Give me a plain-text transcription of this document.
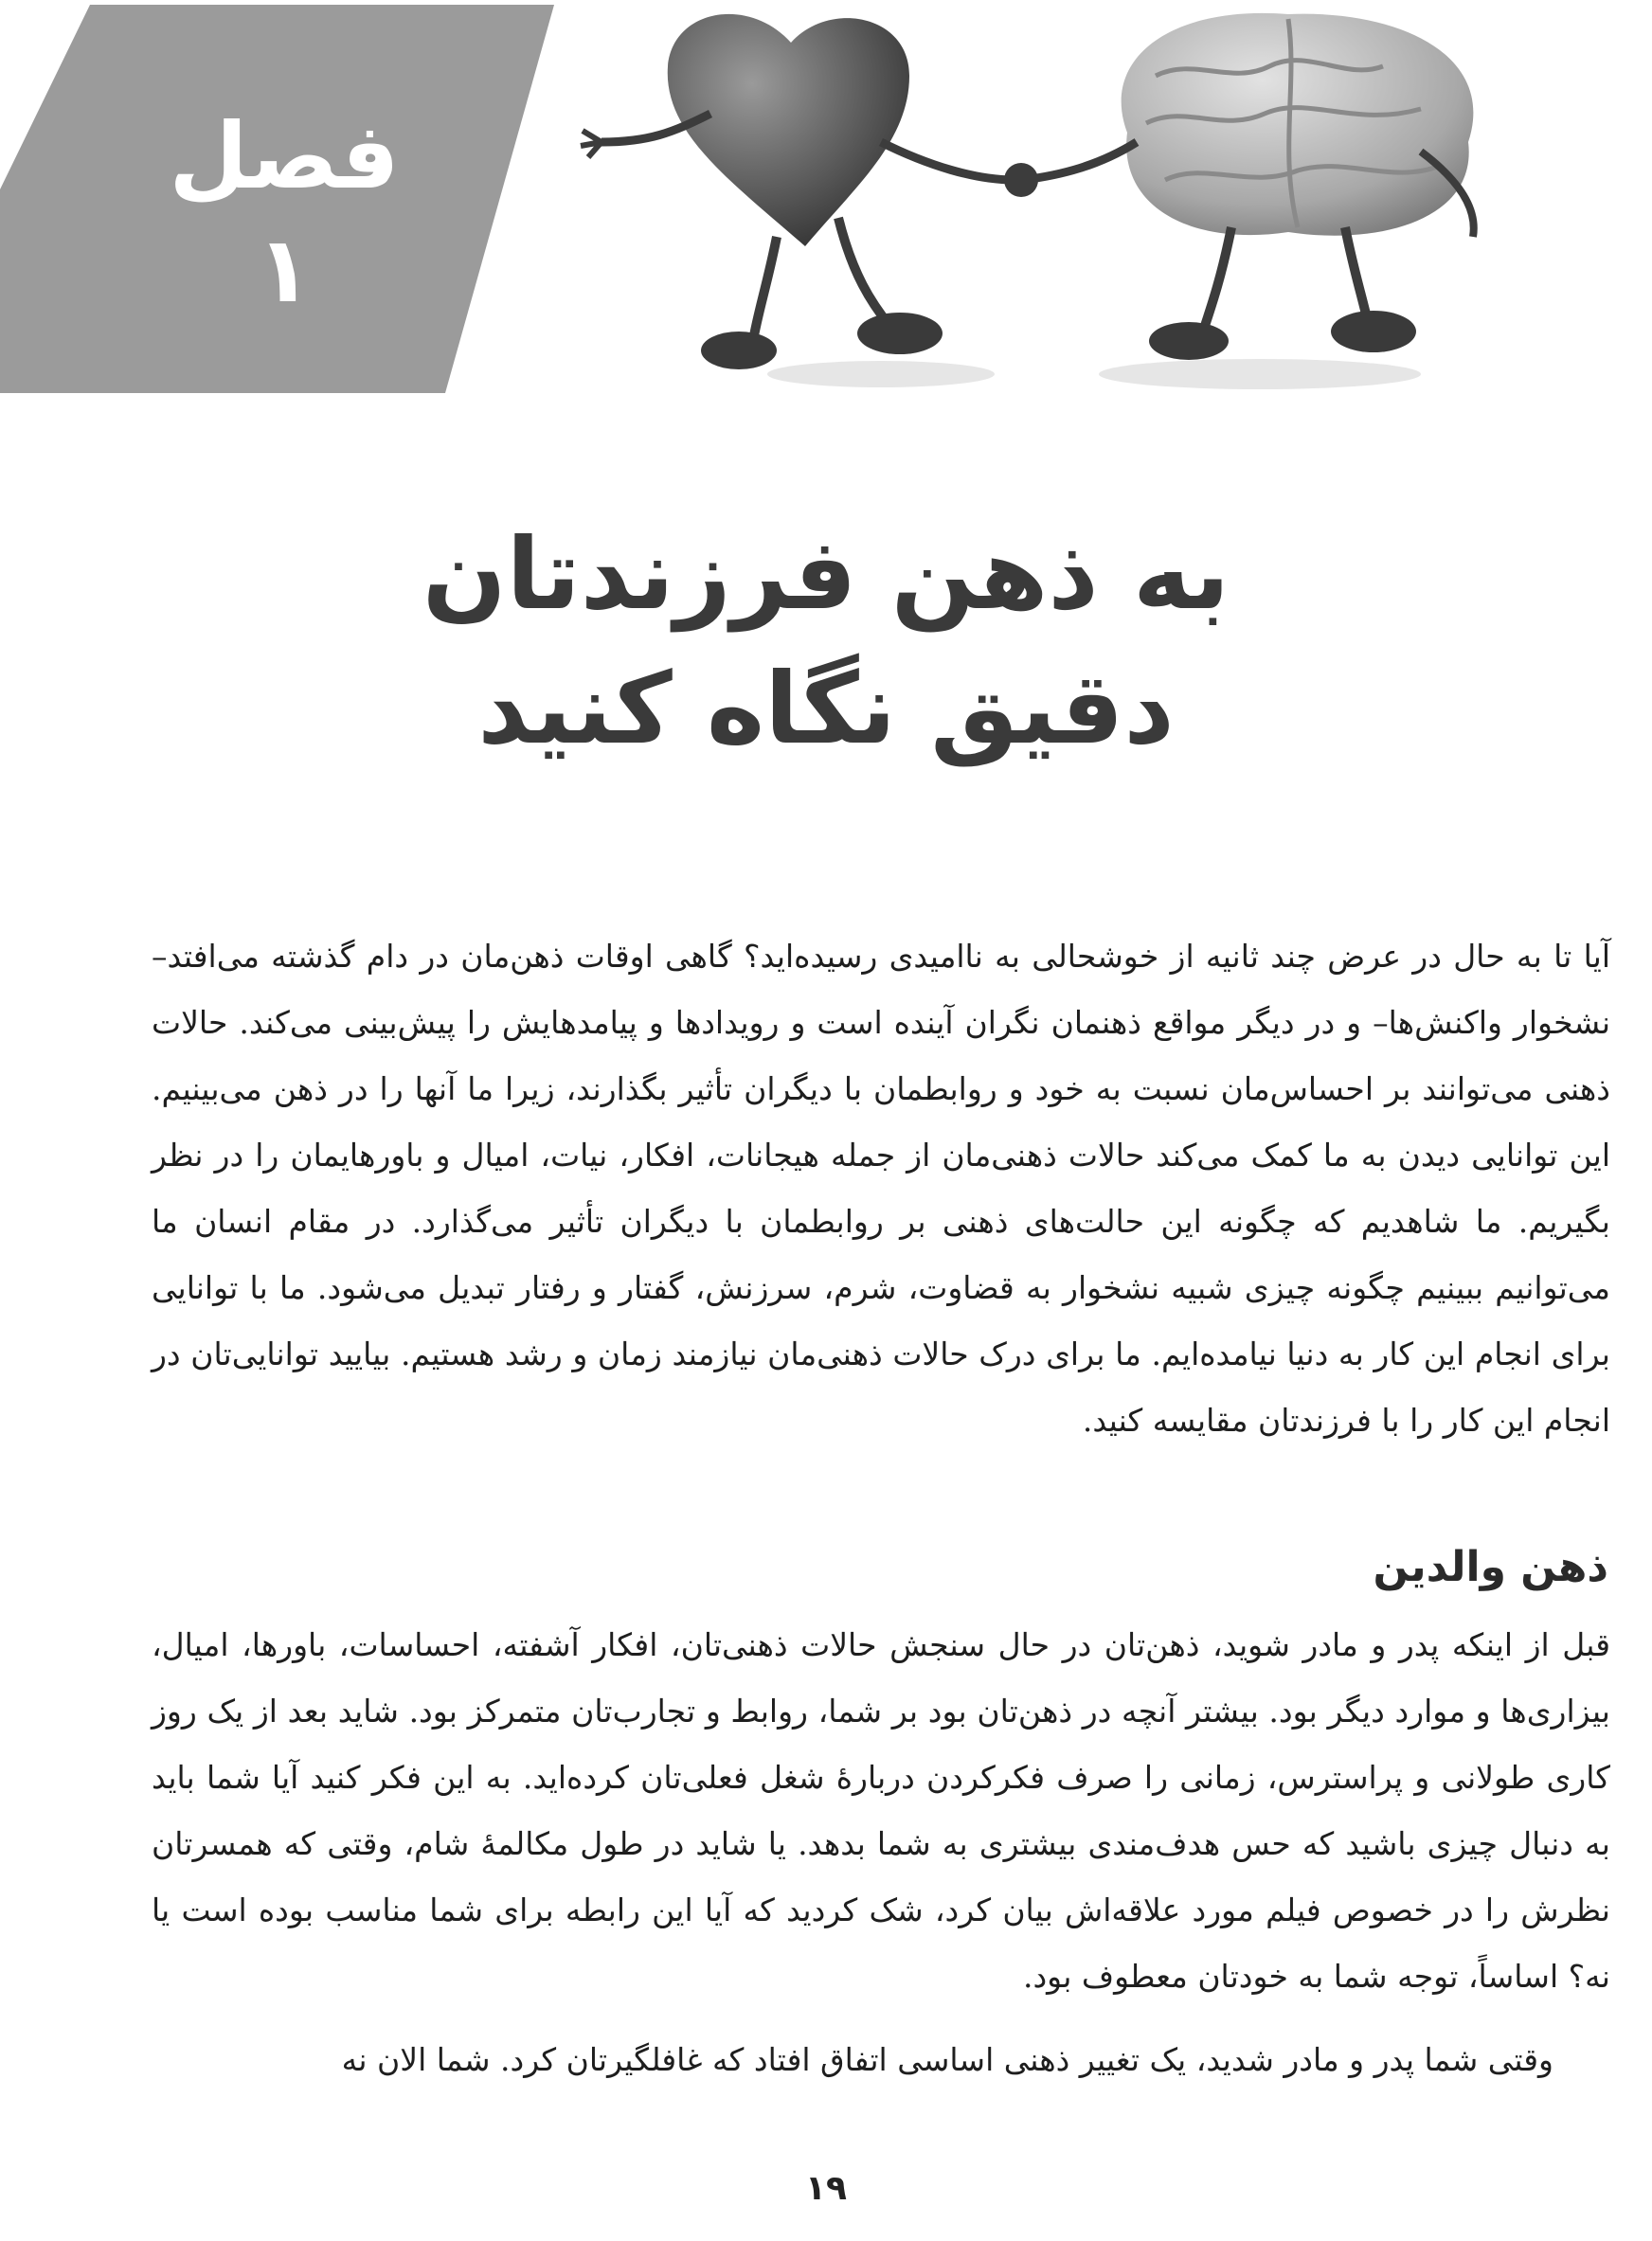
فصل
۱
به ذهن فرزندتان
دقیق نگاه کنید

آیا تا به حال در عرض چند ثانیه از خوشحالی به ناامیدی رسیده‌اید؟ گاهی اوقات ذهن‌مان در دام گذشته می‌افتد– نشخوار واکنش‌ها– و در دیگر مواقع ذهنمان نگران آینده است و رویدادها و پیامدهایش را پیش‌بینی می‌کند. حالات ذهنی می‌توانند بر احساس‌مان نسبت به خود و روابطمان با دیگران تأثیر بگذارند، زیرا ما آنها را در ذهن می‌بینیم. این توانایی دیدن به ما کمک می‌کند حالات ذهنی‌مان از جمله هیجانات، افکار، نیات، امیال و باورهایمان را در نظر بگیریم. ما شاهدیم که چگونه این حالت‌های ذهنی بر روابطمان با دیگران تأثیر می‌گذارد. در مقام انسان ما می‌توانیم ببینیم چگونه چیزی شبیه نشخوار به قضاوت، شرم، سرزنش، گفتار و رفتار تبدیل می‌شود. ما با توانایی برای انجام این کار به دنیا نیامده‌ایم. ما برای درک حالات ذهنی‌مان نیازمند زمان و رشد هستیم. بیایید توانایی‌تان در انجام این کار را با فرزندتان مقایسه کنید.

ذهن والدین

قبل از اینکه پدر و مادر شوید، ذهن‌تان در حال سنجش حالات ذهنی‌تان، افکار آشفته، احساسات، باورها، امیال، بیزاری‌ها و موارد دیگر بود. بیشتر آنچه در ذهن‌تان بود بر شما، روابط و تجارب‌تان متمرکز بود. شاید بعد از یک روز کاری طولانی و پراسترس، زمانی را صرف فکرکردن دربارهٔ شغل فعلی‌تان کرده‌اید. به این فکر کنید آیا شما باید به دنبال چیزی باشید که حس هدف‌مندی بیشتری به شما بدهد. یا شاید در طول مکالمهٔ شام، وقتی که همسرتان نظرش را در خصوص فیلم مورد علاقه‌اش بیان کرد، شک کردید که آیا این رابطه برای شما مناسب بوده است یا نه؟ اساساً، توجه شما به خودتان معطوف بود.

وقتی شما پدر و مادر شدید، یک تغییر ذهنی اساسی اتفاق افتاد که غافلگیرتان کرد. شما الان نه

۱۹
